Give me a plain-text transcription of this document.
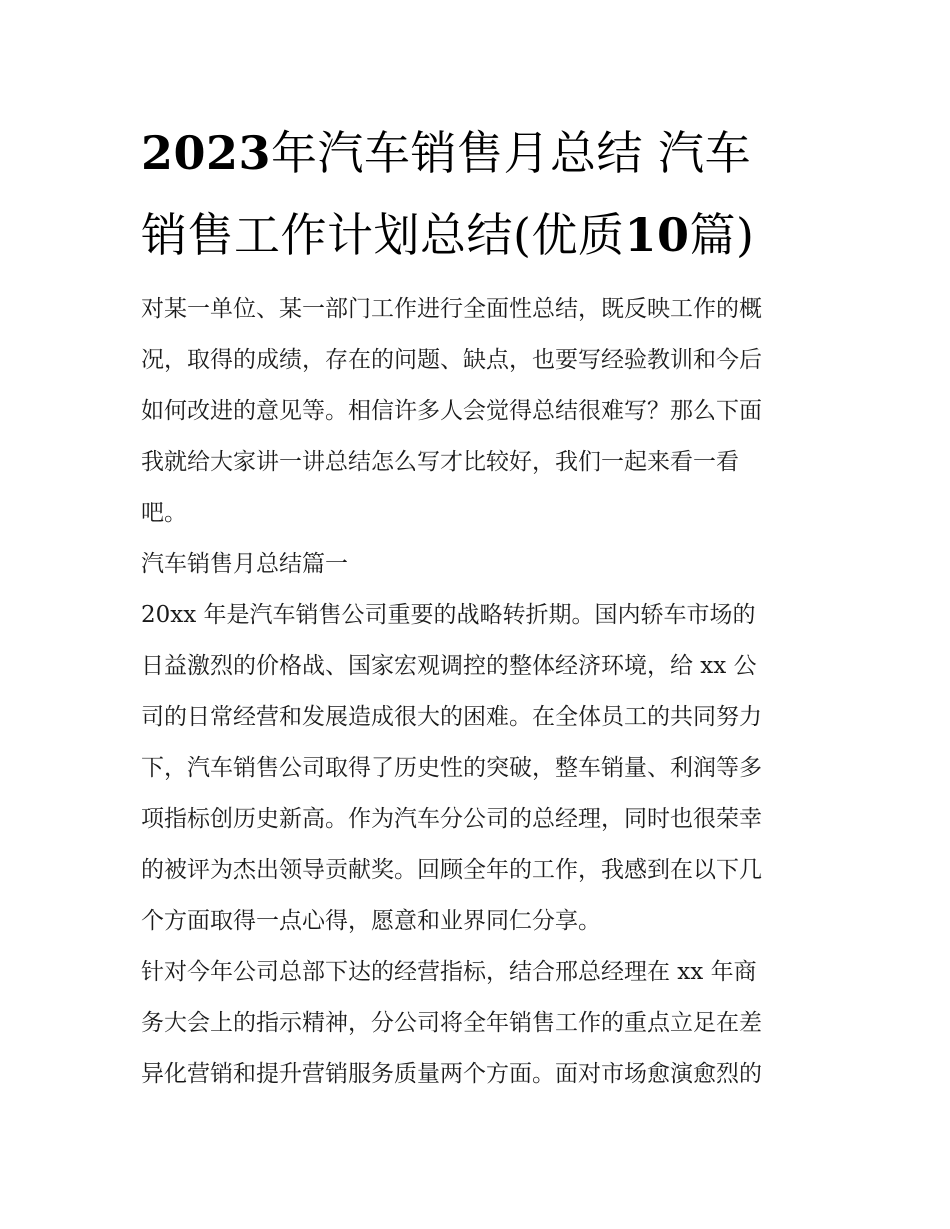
2023年汽车销售月总结 汽车
销售工作计划总结(优质10篇)
对某一单位、某一部门工作进行全面性总结，既反映工作的概
况，取得的成绩，存在的问题、缺点，也要写经验教训和今后
如何改进的意见等。相信许多人会觉得总结很难写？那么下面
我就给大家讲一讲总结怎么写才比较好，我们一起来看一看
吧。
汽车销售月总结篇一
20xx 年是汽车销售公司重要的战略转折期。国内轿车市场的
日益激烈的价格战、国家宏观调控的整体经济环境，给 xx 公
司的日常经营和发展造成很大的困难。在全体员工的共同努力
下，汽车销售公司取得了历史性的突破，整车销量、利润等多
项指标创历史新高。作为汽车分公司的总经理，同时也很荣幸
的被评为杰出领导贡献奖。回顾全年的工作，我感到在以下几
个方面取得一点心得，愿意和业界同仁分享。
针对今年公司总部下达的经营指标，结合邢总经理在 xx 年商
务大会上的指示精神，分公司将全年销售工作的重点立足在差
异化营销和提升营销服务质量两个方面。面对市场愈演愈烈的
